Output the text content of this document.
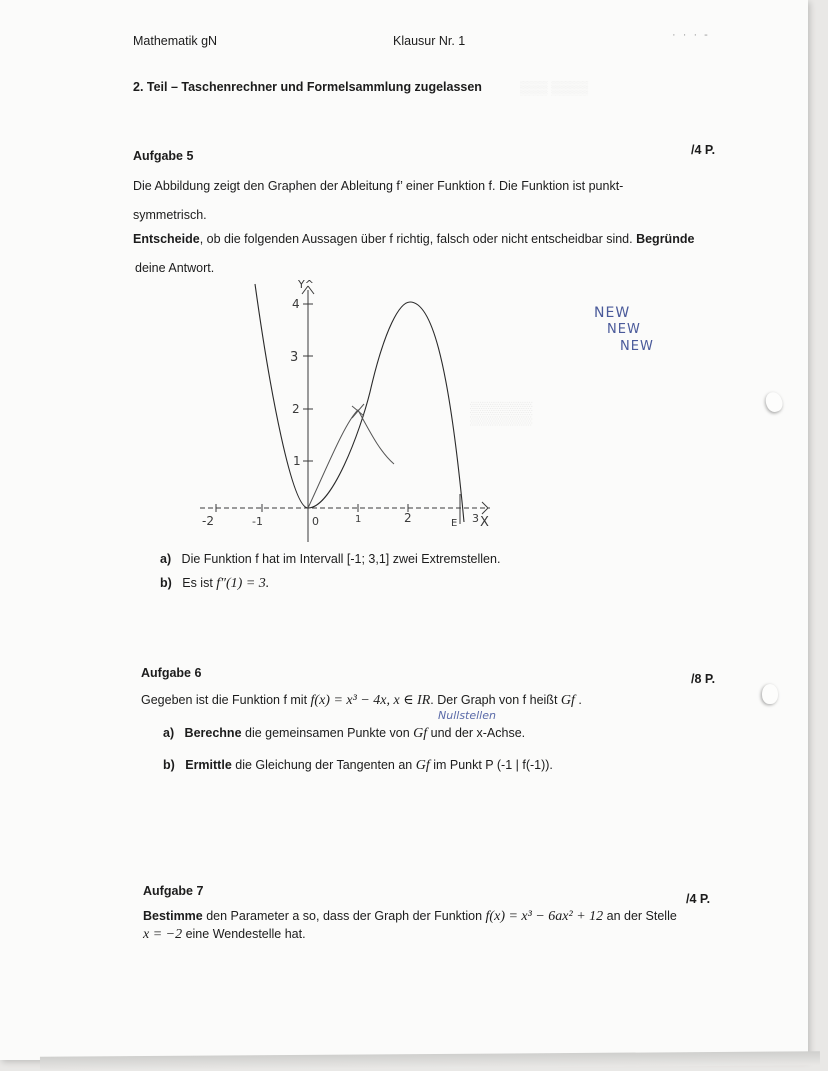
▒▒▒ ▒▒▒▒
▒▒▒▒
Mathematik gN	Klausur Nr. 1	· · · -
2. Teil – Taschenrechner und Formelsammlung zugelassen
Aufgabe 5	/4 P.
Die Abbildung zeigt den Graphen der Ableitung f’ einer Funktion f. Die Funktion ist punkt-
symmetrisch.
Entscheide, ob die folgenden Aussagen über f richtig, falsch oder nicht entscheidbar sind. Begründe
deine Antwort.
Y^
X
4
3
2
1
-2	-1	0	1	2	3
E
NEW
NEW
NEW
a) Die Funktion f hat im Intervall [-1; 3,1] zwei Extremstellen.
b) Es ist f″(1) = 3.
Aufgabe 6	/8 P.
Gegeben ist die Funktion f mit f(x) = x³ − 4x, x ∈ IR. Der Graph von f heißt Gf .
Nullstellen
a) Berechne die gemeinsamen Punkte von Gf und der x-Achse.
b) Ermittle die Gleichung der Tangenten an Gf im Punkt P (-1 | f(-1)).
Aufgabe 7
/4 P.
Bestimme den Parameter a so, dass der Graph der Funktion f(x) = x³ − 6ax² + 12 an der Stelle
x = −2 eine Wendestelle hat.
